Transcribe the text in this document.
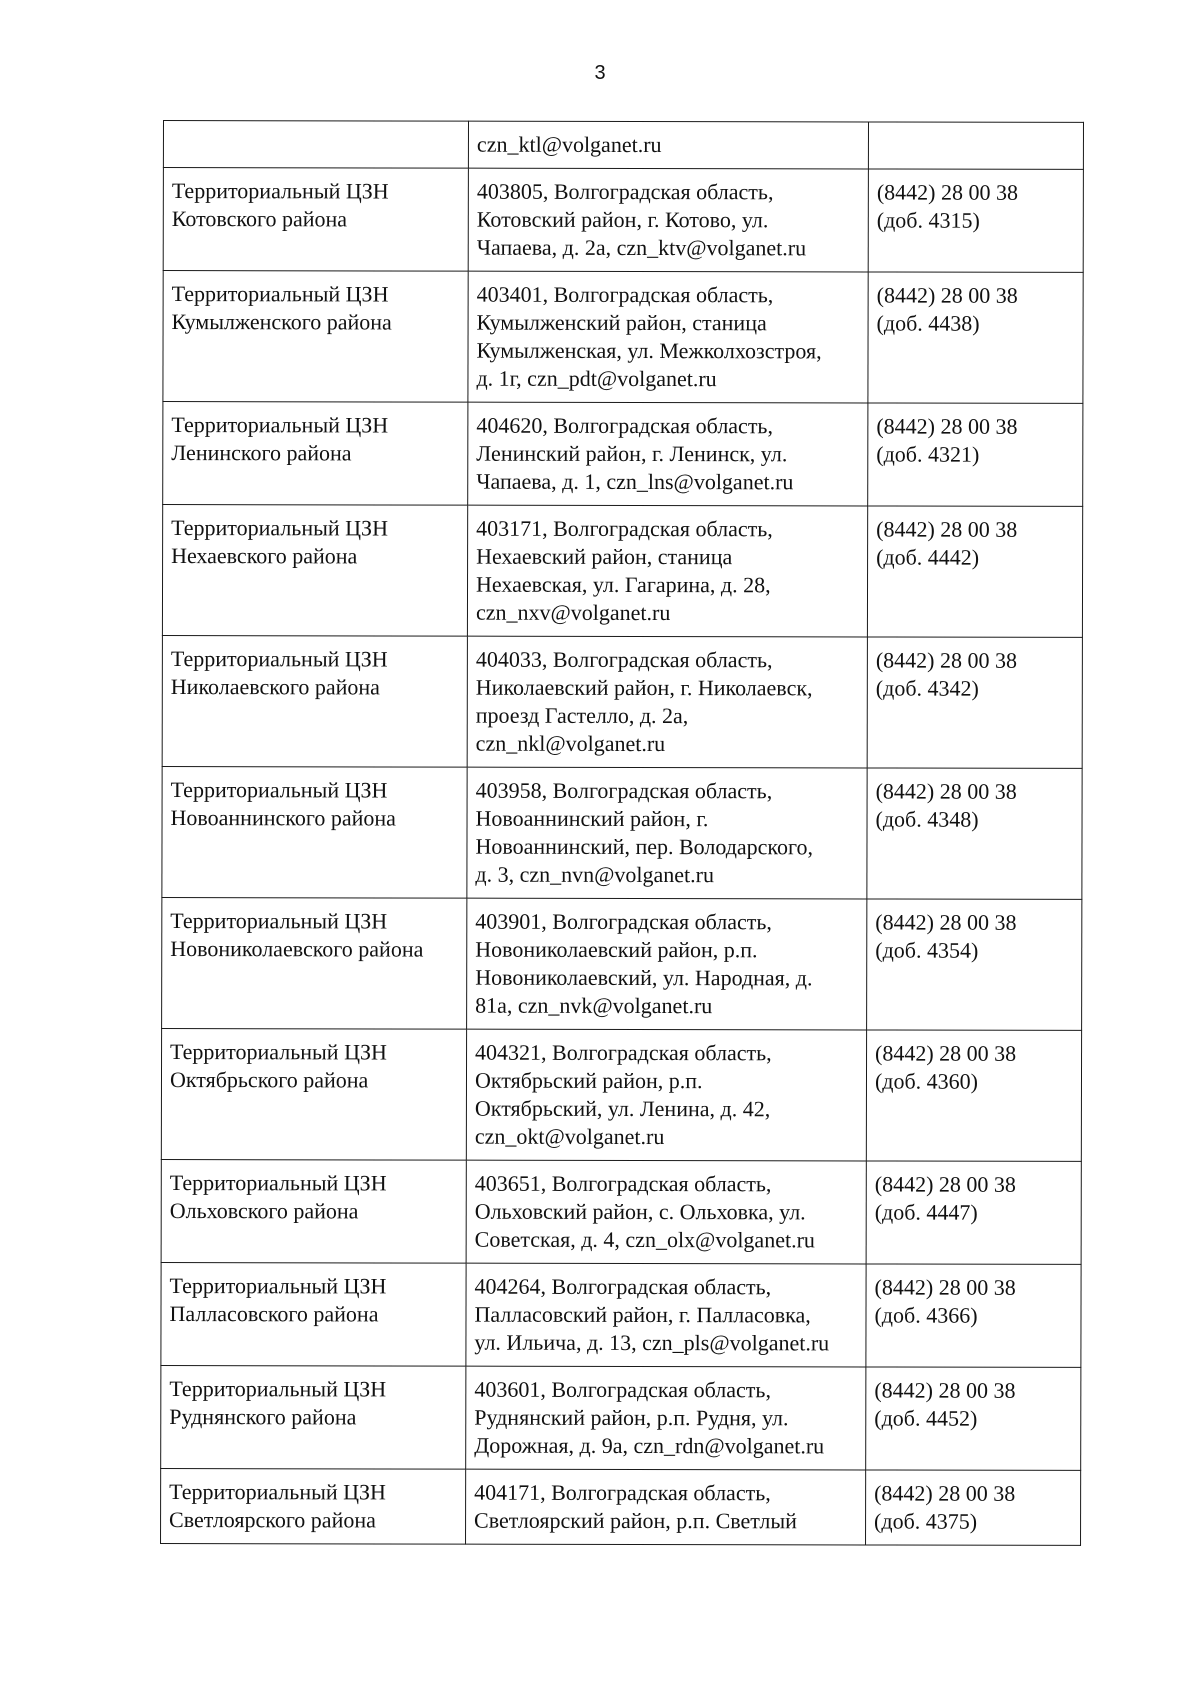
3
	czn_ktl@volganet.ru	
Территориальный ЦЗН
Котовского района	403805, Волгоградская область,
Котовский район, г. Котово, ул.
Чапаева, д. 2а, czn_ktv@volganet.ru	(8442) 28 00 38
(доб. 4315)
Территориальный ЦЗН
Кумылженского района	403401, Волгоградская область,
Кумылженский район, станица
Кумылженская, ул. Межколхозстроя,
д. 1г, czn_pdt@volganet.ru	(8442) 28 00 38
(доб. 4438)
Территориальный ЦЗН
Ленинского района	404620, Волгоградская область,
Ленинский район, г. Ленинск, ул.
Чапаева, д. 1, czn_lns@volganet.ru	(8442) 28 00 38
(доб. 4321)
Территориальный ЦЗН
Нехаевского района	403171, Волгоградская область,
Нехаевский район, станица
Нехаевская, ул. Гагарина, д. 28,
czn_nxv@volganet.ru	(8442) 28 00 38
(доб. 4442)
Территориальный ЦЗН
Николаевского района	404033, Волгоградская область,
Николаевский район, г. Николаевск,
проезд Гастелло, д. 2а,
czn_nkl@volganet.ru	(8442) 28 00 38
(доб. 4342)
Территориальный ЦЗН
Новоаннинского района	403958, Волгоградская область,
Новоаннинский район, г.
Новоаннинский, пер. Володарского,
д. 3, czn_nvn@volganet.ru	(8442) 28 00 38
(доб. 4348)
Территориальный ЦЗН
Новониколаевского района	403901, Волгоградская область,
Новониколаевский район, р.п.
Новониколаевский, ул. Народная, д.
81а, czn_nvk@volganet.ru	(8442) 28 00 38
(доб. 4354)
Территориальный ЦЗН
Октябрьского района	404321, Волгоградская область,
Октябрьский район, р.п.
Октябрьский, ул. Ленина, д. 42,
czn_okt@volganet.ru	(8442) 28 00 38
(доб. 4360)
Территориальный ЦЗН
Ольховского района	403651, Волгоградская область,
Ольховский район, с. Ольховка, ул.
Советская, д. 4, czn_olx@volganet.ru	(8442) 28 00 38
(доб. 4447)
Территориальный ЦЗН
Палласовского района	404264, Волгоградская область,
Палласовский район, г. Палласовка,
ул. Ильича, д. 13, czn_pls@volganet.ru	(8442) 28 00 38
(доб. 4366)
Территориальный ЦЗН
Руднянского района	403601, Волгоградская область,
Руднянский район, р.п. Рудня, ул.
Дорожная, д. 9а, czn_rdn@volganet.ru	(8442) 28 00 38
(доб. 4452)
Территориальный ЦЗН
Светлоярского района	404171, Волгоградская область,
Светлоярский район, р.п. Светлый	(8442) 28 00 38
(доб. 4375)
